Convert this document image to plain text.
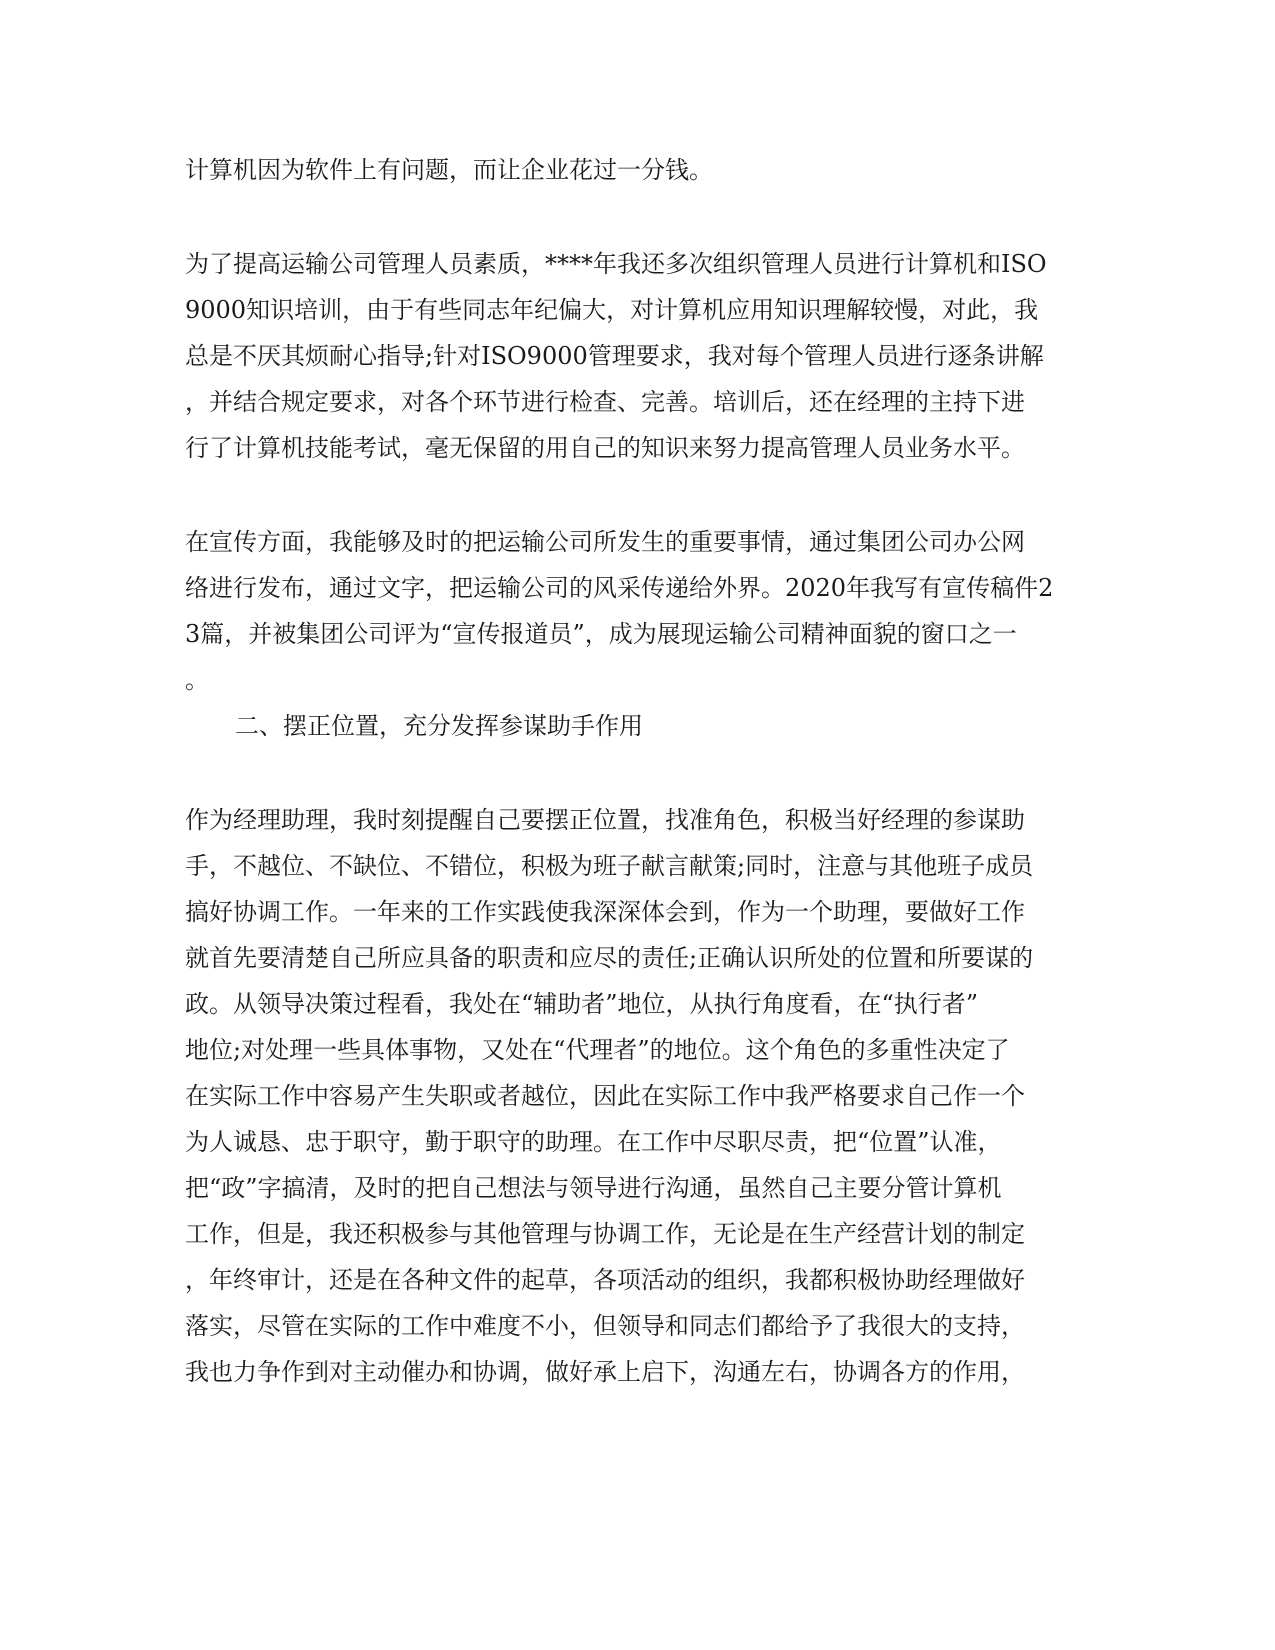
计算机因为软件上有问题，而让企业花过一分钱。
为了提高运输公司管理人员素质，****年我还多次组织管理人员进行计算机和ISO
9000知识培训，由于有些同志年纪偏大，对计算机应用知识理解较慢，对此，我
总是不厌其烦耐心指导;针对ISO9000管理要求，我对每个管理人员进行逐条讲解
，并结合规定要求，对各个环节进行检查、完善。培训后，还在经理的主持下进
行了计算机技能考试，毫无保留的用自己的知识来努力提高管理人员业务水平。
在宣传方面，我能够及时的把运输公司所发生的重要事情，通过集团公司办公网
络进行发布，通过文字，把运输公司的风采传递给外界。2020年我写有宣传稿件2
3篇，并被集团公司评为“宣传报道员”，成为展现运输公司精神面貌的窗口之一
。
二、摆正位置，充分发挥参谋助手作用
作为经理助理，我时刻提醒自己要摆正位置，找准角色，积极当好经理的参谋助
手，不越位、不缺位、不错位，积极为班子献言献策;同时，注意与其他班子成员
搞好协调工作。一年来的工作实践使我深深体会到，作为一个助理，要做好工作
就首先要清楚自己所应具备的职责和应尽的责任;正确认识所处的位置和所要谋的
政。从领导决策过程看，我处在“辅助者”地位，从执行角度看，在“执行者”
地位;对处理一些具体事物，又处在“代理者”的地位。这个角色的多重性决定了
在实际工作中容易产生失职或者越位，因此在实际工作中我严格要求自己作一个
为人诚恳、忠于职守，勤于职守的助理。在工作中尽职尽责，把“位置”认准，
把“政”字搞清，及时的把自己想法与领导进行沟通，虽然自己主要分管计算机
工作，但是，我还积极参与其他管理与协调工作，无论是在生产经营计划的制定
，年终审计，还是在各种文件的起草，各项活动的组织，我都积极协助经理做好
落实，尽管在实际的工作中难度不小，但领导和同志们都给予了我很大的支持，
我也力争作到对主动催办和协调，做好承上启下，沟通左右，协调各方的作用，
